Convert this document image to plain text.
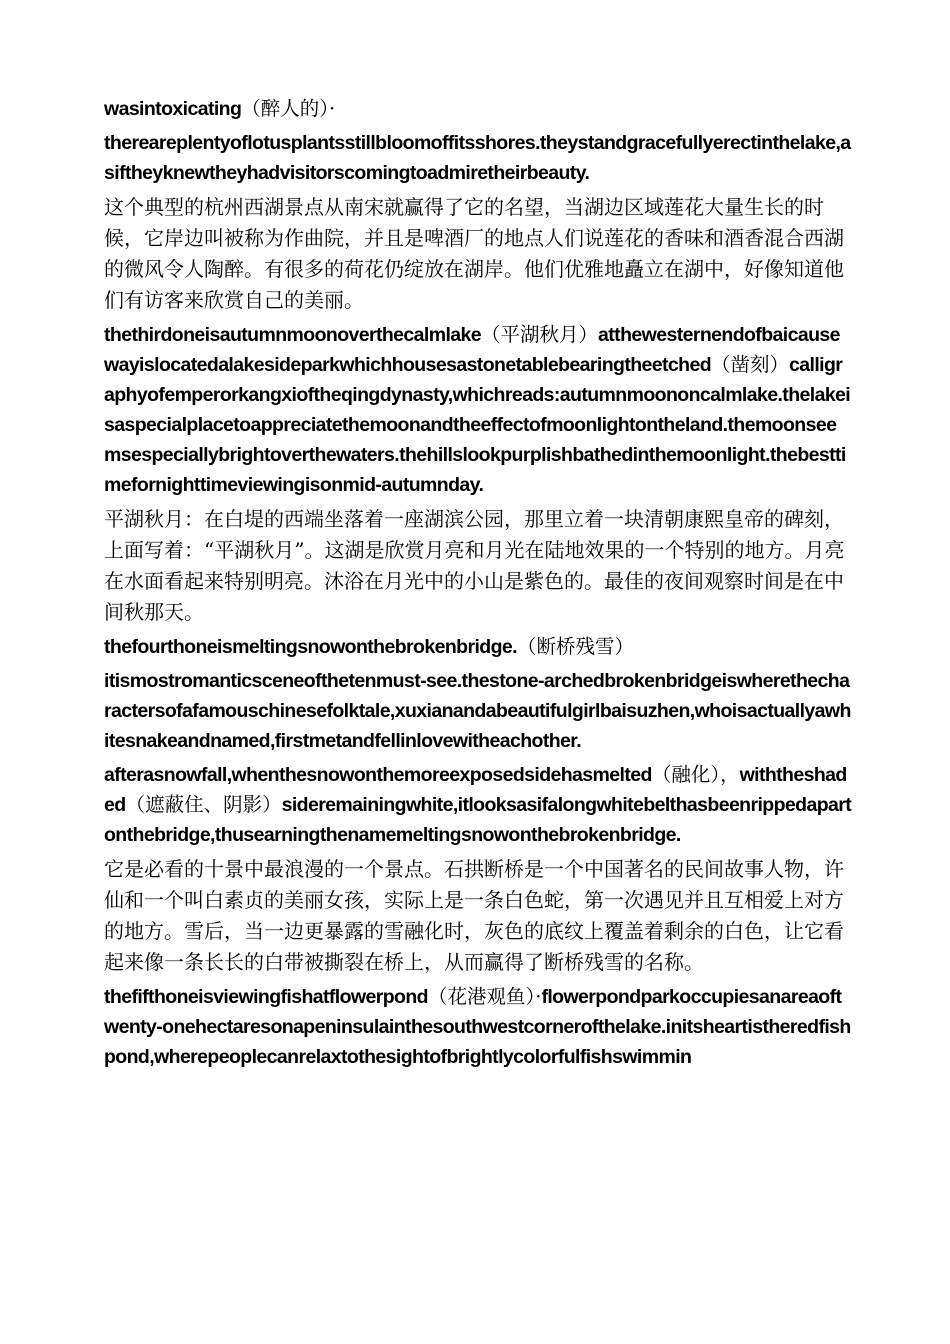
wasintoxicating（醉人的）·

thereareplentyoflotusplantsstillbloomoffitsshores.theystandgracefullyerectinthelake,asiftheyknewtheyhadvisitorscomingtoadmiretheirbeauty.

这个典型的杭州西湖景点从南宋就赢得了它的名望，当湖边区域莲花大量生长的时候，它岸边叫被称为作曲院，并且是啤酒厂的地点人们说莲花的香味和酒香混合西湖的微风令人陶醉。有很多的荷花仍绽放在湖岸。他们优雅地矗立在湖中，好像知道他们有访客来欣赏自己的美丽。

thethirdoneisautumnmoonoverthecalmlake（平湖秋月）atthewesternendofbaicausewayislocatedalakesideparkwhichhousesastonetablebearingtheetched（凿刻）calligraphyofemperorkangxioftheqingdynasty,whichreads:autumnmoononcalmlake.thelakeisaspecialplacetoappreciatethemoonandtheeffectofmoonlightontheland.themoonseemsespeciallybrightoverthewaters.thehillslookpurplishbathedinthemoonlight.thebesttimefornighttimeviewingisonmid-autumnday.

平湖秋月：在白堤的西端坐落着一座湖滨公园，那里立着一块清朝康熙皇帝的碑刻，上面写着：“平湖秋月”。这湖是欣赏月亮和月光在陆地效果的一个特别的地方。月亮在水面看起来特别明亮。沐浴在月光中的小山是紫色的。最佳的夜间观察时间是在中间秋那天。

thefourthoneismeltingsnowonthebrokenbridge.（断桥残雪）

itismostromanticsceneofthetenmust-see.thestone-archedbrokenbridgeiswherethecharactersofafamouschinesefolktale,xuxianandabeautifulgirlbaisuzhen,whoisactuallyawhitesnakeandnamed,firstmetandfellinlovewitheachother.

afterasnowfall,whenthesnowonthemoreexposedsidehasmelted（融化），withtheshaded（遮蔽住、阴影）sideremainingwhite,itlooksasifalongwhitebelthasbeenrippedapartonthebridge,thusearningthenamemeltingsnowonthebrokenbridge.

它是必看的十景中最浪漫的一个景点。石拱断桥是一个中国著名的民间故事人物，许仙和一个叫白素贞的美丽女孩，实际上是一条白色蛇，第一次遇见并且互相爱上对方的地方。雪后，当一边更暴露的雪融化时，灰色的底纹上覆盖着剩余的白色，让它看起来像一条长长的白带被撕裂在桥上，从而赢得了断桥残雪的名称。

thefifthoneisviewingfishatflowerpond（花港观鱼）·flowerpondparkoccupiesanareaoftwenty-onehectaresonapeninsulainthesouthwestcornerofthelake.initsheartistheredfishpond,wherepeoplecanrelaxtothesightofbrightlycolorfulfishswimmin
